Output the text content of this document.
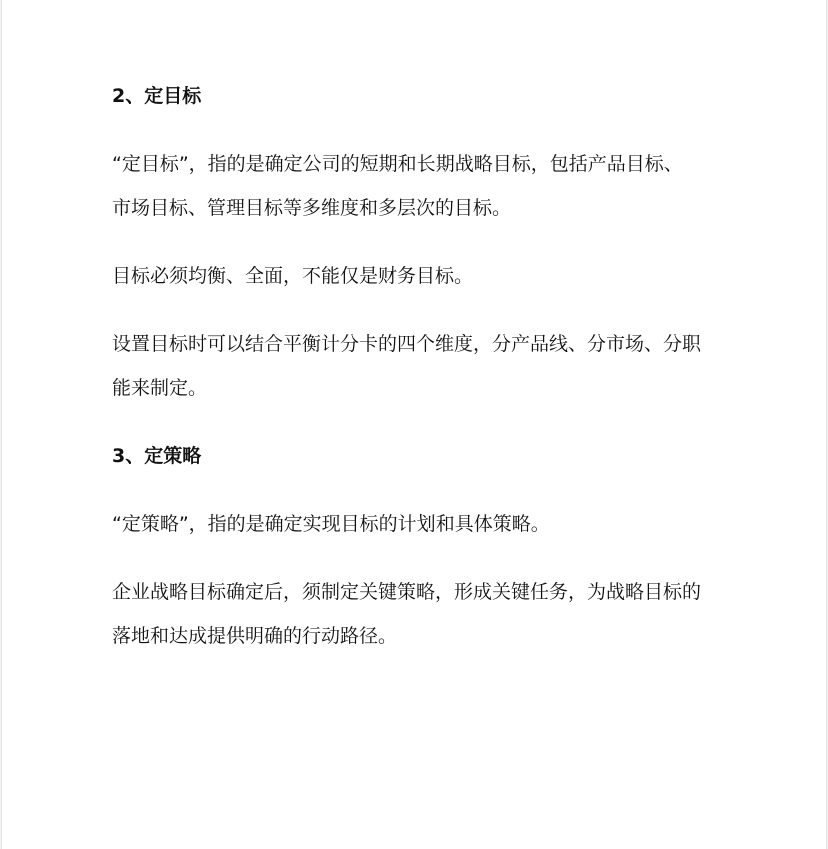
2、定目标

“定目标”，指的是确定公司的短期和长期战略目标，包括产品目标、
市场目标、管理目标等多维度和多层次的目标。

目标必须均衡、全面，不能仅是财务目标。

设置目标时可以结合平衡计分卡的四个维度，分产品线、分市场、分职
能来制定。

3、定策略

“定策略”，指的是确定实现目标的计划和具体策略。

企业战略目标确定后，须制定关键策略，形成关键任务，为战略目标的
落地和达成提供明确的行动路径。
